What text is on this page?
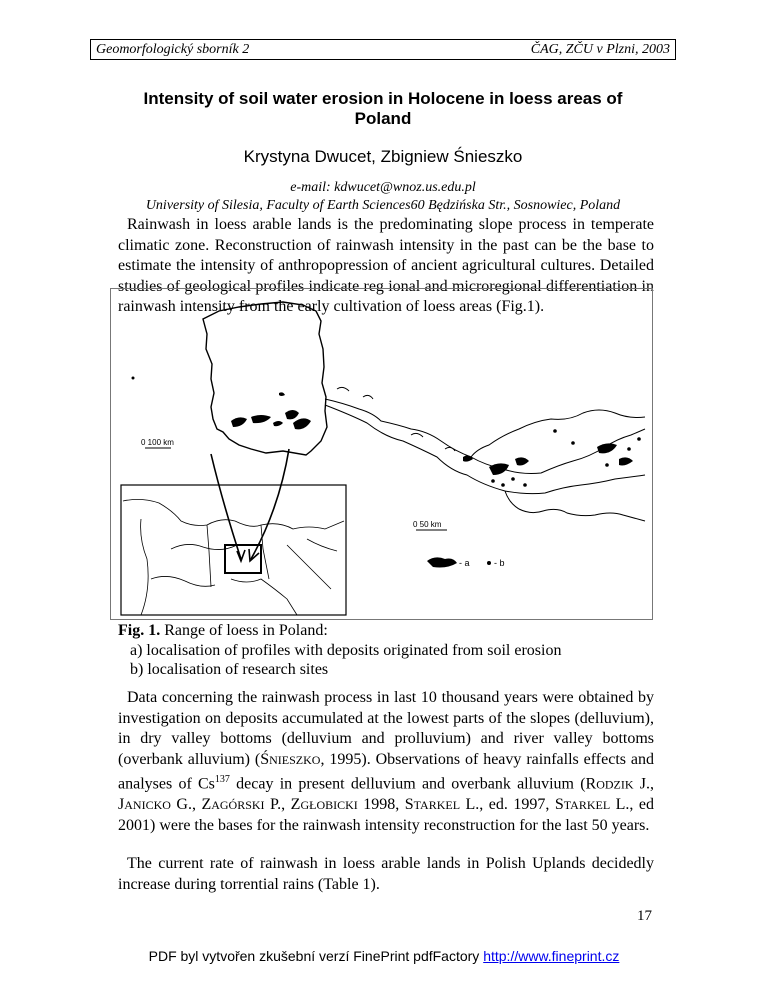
Geomorfologický sborník 2	ČAG, ZČU v Plzni, 2003
Intensity of soil water erosion in Holocene in loess areas of
Poland
Krystyna Dwucet, Zbigniew Śnieszko
e-mail: kdwucet@wnoz.us.edu.pl
University of Silesia, Faculty of Earth Sciences60 Będzińska Str., Sosnowiec, Poland

Rainwash in loess arable lands is the predominating slope process in temperate climatic zone. Reconstruction of rainwash intensity in the past can be the base to estimate the intensity of anthropopression of ancient agricultural cultures. Detailed studies of geological profiles indicate reg ional and microregional differentiation in rainwash intensity from the early cultivation of loess areas (Fig.1).

0 100 km
0 50 km
- a	- b
Fig. 1. Range of loess in Poland:
a) localisation of profiles with deposits originated from soil erosion
b) localisation of research sites

Data concerning the rainwash process in last 10 thousand years were obtained by investigation on deposits accumulated at the lowest parts of the slopes (delluvium), in dry valley bottoms (delluvium and prolluvium) and river valley bottoms (overbank alluvium) (ŚNIESZKO, 1995). Observations of heavy rainfalls effects and analyses of Cs$^{137}$ decay in present delluvium and overbank alluvium (RODZIK J., JANICKO G., ZAGÓRSKI P., ZGŁOBICKI 1998, STARKEL L., ed. 1997, STARKEL L., ed 2001) were the bases for the rainwash intensity reconstruction for the last 50 years.

The current rate of rainwash in loess arable lands in Polish Uplands decidedly increase during torrential rains (Table 1).

17
PDF byl vytvořen zkušební verzí FinePrint pdfFactory http://www.fineprint.cz
